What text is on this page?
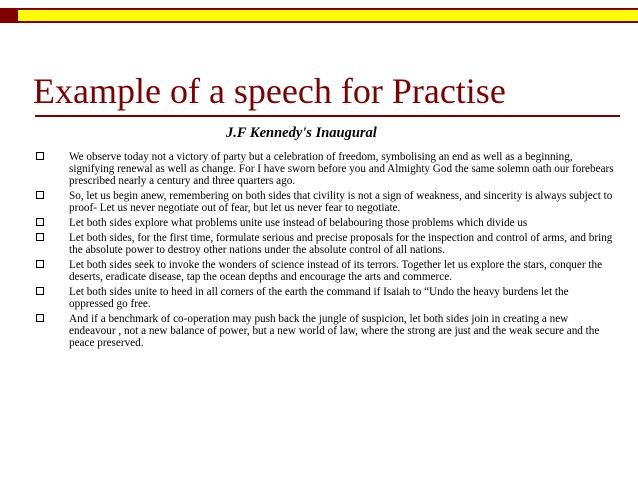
Example of a speech for Practise
J.F Kennedy's Inaugural
We observe today not a victory of party but a celebration of freedom, symbolising an end as well as a beginning, signifying renewal as well as change. For I have sworn before you and Almighty God the same solemn oath our forebears prescribed nearly a century and three quarters ago.
So, let us begin anew, remembering on both sides that civility is not a sign of weakness, and sincerity is always subject to proof- Let us never negotiate out of fear, but let us never fear to negotiate.
Let both sides explore what problems unite use instead of belabouring those problems which divide us
Let both sides, for the first time, formulate serious and precise proposals for the inspection and control of arms, and bring the absolute power to destroy other nations under the absolute control of all nations.
Let both sides seek to invoke the wonders of science instead of its terrors. Together let us explore the stars, conquer the deserts, eradicate disease, tap the ocean depths and encourage the arts and commerce.
Let both sides unite to heed in all corners of the earth the command if Isaiah to “Undo the heavy burdens let the oppressed go free.
And if a benchmark of co-operation may push back the jungle of suspicion, let both sides join in creating a new endeavour , not a new balance of power, but a new world of law, where the strong are just and the weak secure and the peace preserved.
